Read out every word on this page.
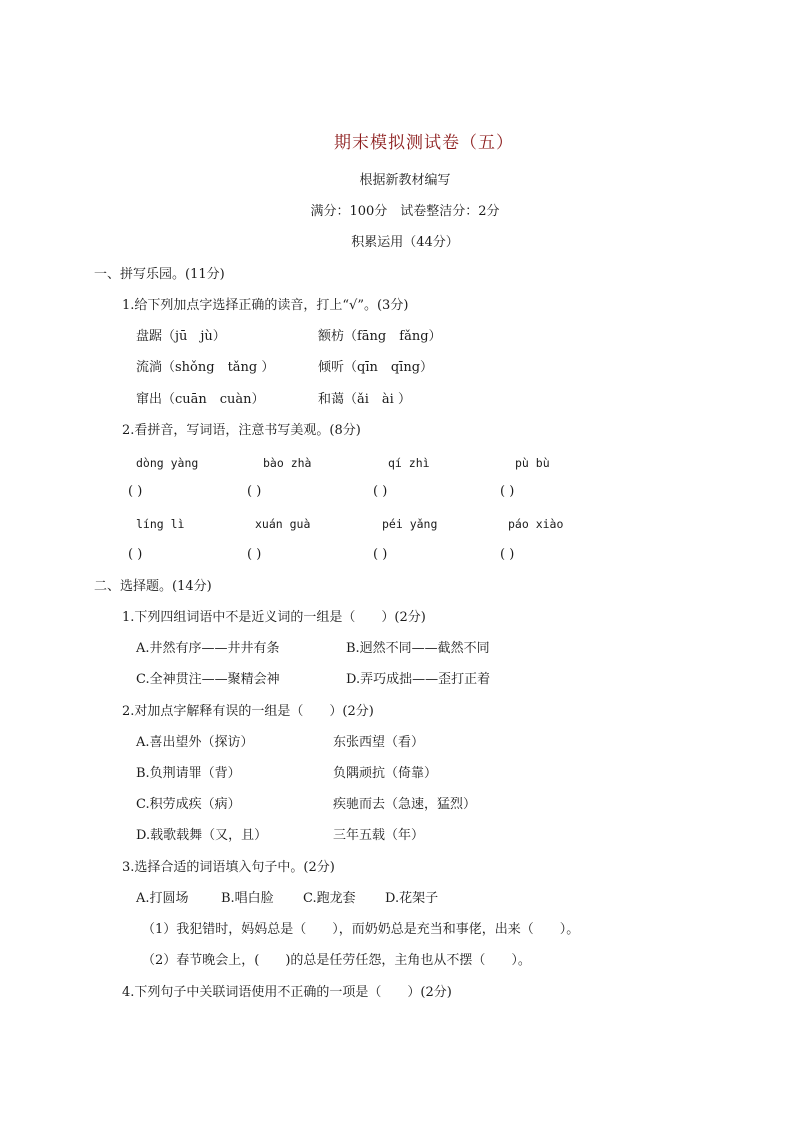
期末模拟测试卷（五）
根据新教材编写
满分：100分　试卷整洁分：2分
积累运用（44分）
一、拼写乐园。(11分)
1.给下列加点字选择正确的读音，打上“√”。(3分)
盘踞（jū　jù）	额枋（fāng　fǎng）
流淌（shǒng　tǎng ）	倾听（qīn　qīng）
窜出（cuān　cuàn）	和蔼（ǎi　ài ）
2.看拼音，写词语，注意书写美观。(8分)
dòng yàng	bào zhà	qí zhì	pù bù
( )	( )	( )	( )
líng lì	xuán guà	péi yǎng	páo xiào
( )	( )	( )	( )
二、选择题。(14分)
1.下列四组词语中不是近义词的一组是（　　）(2分)
A.井然有序——井井有条	B.迥然不同——截然不同
C.全神贯注——聚精会神	D.弄巧成拙——歪打正着
2.对加点字解释有误的一组是（　　）(2分)
A.喜出望外（探访）	东张西望（看）
B.负荆请罪（背）	负隅顽抗（倚靠）
C.积劳成疾（病）	疾驰而去（急速，猛烈）
D.载歌载舞（又，且）	三年五载（年）
3.选择合适的词语填入句子中。(2分)
A.打圆场 B.唱白脸 C.跑龙套 D.花架子
（1）我犯错时，妈妈总是（　　），而奶奶总是充当和事佬，出来（　　）。
（2）春节晚会上，(　　)的总是任劳任怨，主角也从不摆（　　）。
4.下列句子中关联词语使用不正确的一项是（　　）(2分)
